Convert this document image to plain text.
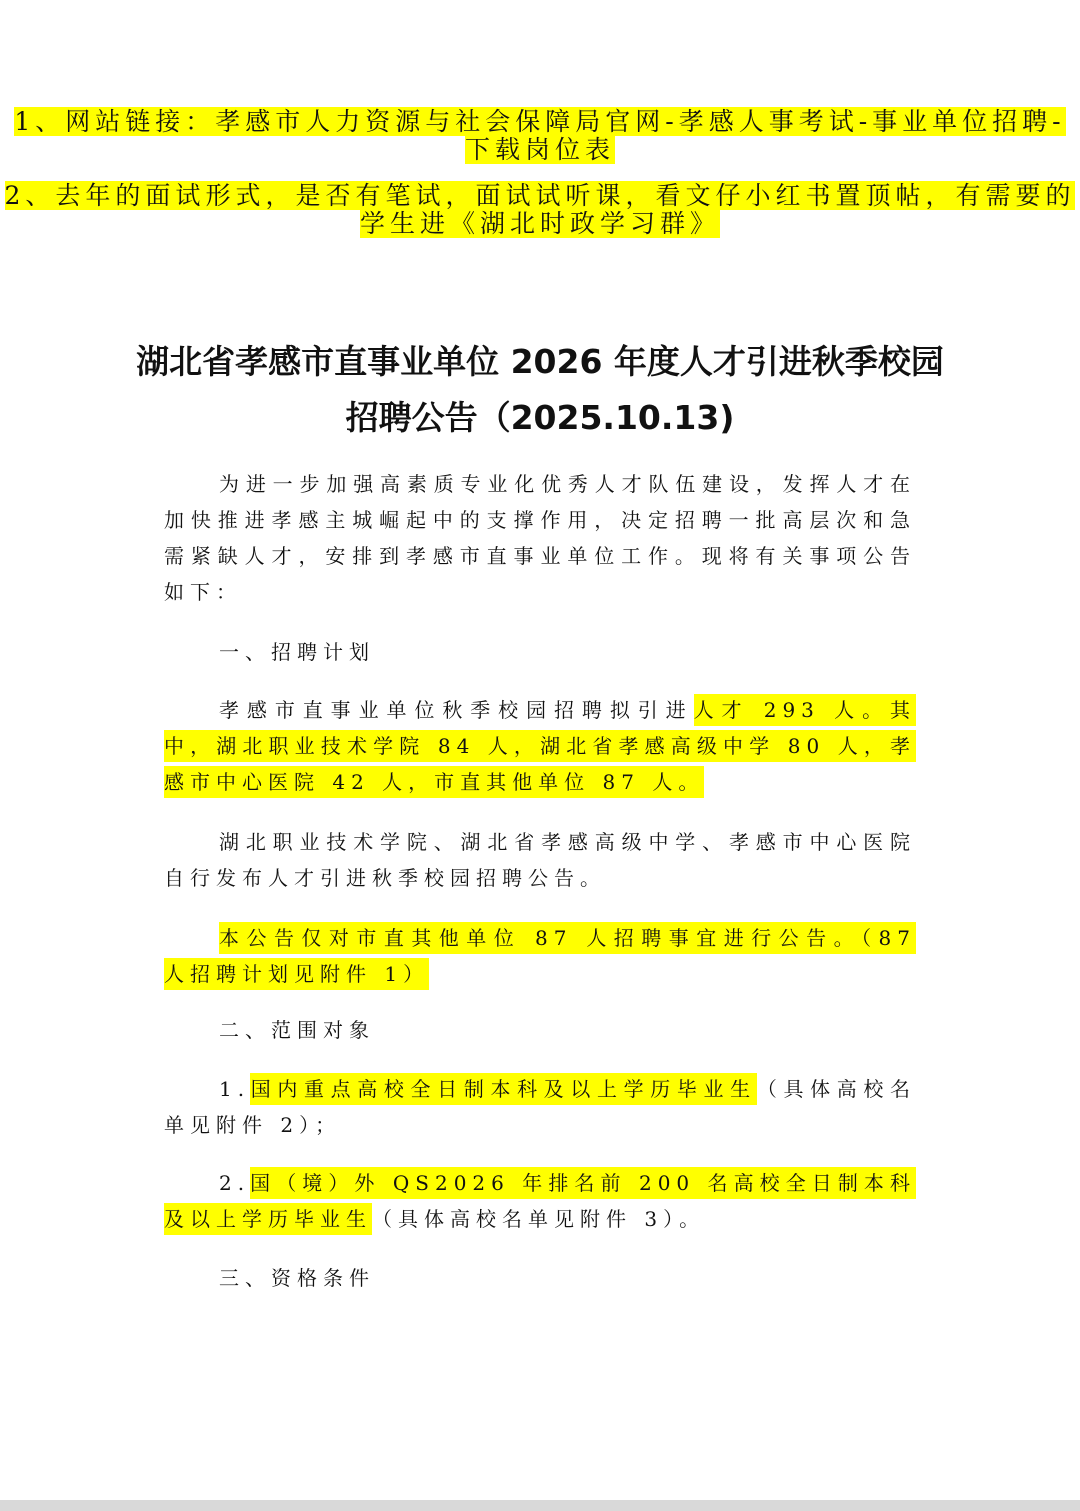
1、网站链接：孝感市人力资源与社会保障局官网-孝感人事考试-事业单位招聘-下载岗位表
2、去年的面试形式，是否有笔试，面试试听课，看文仔小红书置顶帖，有需要的学生进《湖北时政学习群》
湖北省孝感市直事业单位 2026 年度人才引进秋季校园
招聘公告（2025.10.13)
为进一步加强高素质专业化优秀人才队伍建设，发挥人才在加快推进孝感主城崛起中的支撑作用，决定招聘一批高层次和急需紧缺人才，安排到孝感市直事业单位工作。现将有关事项公告如下：
一、招聘计划
孝感市直事业单位秋季校园招聘拟引进人才 293 人。其中，湖北职业技术学院 84 人，湖北省孝感高级中学 80 人，孝感市中心医院 42 人，市直其他单位 87 人。
湖北职业技术学院、湖北省孝感高级中学、孝感市中心医院自行发布人才引进秋季校园招聘公告。
本公告仅对市直其他单位 87 人招聘事宜进行公告。（87 人招聘计划见附件 1）
二、范围对象
1.国内重点高校全日制本科及以上学历毕业生（具体高校名单见附件 2）；
2.国（境）外 QS2026 年排名前 200 名高校全日制本科及以上学历毕业生（具体高校名单见附件 3）。
三、资格条件
